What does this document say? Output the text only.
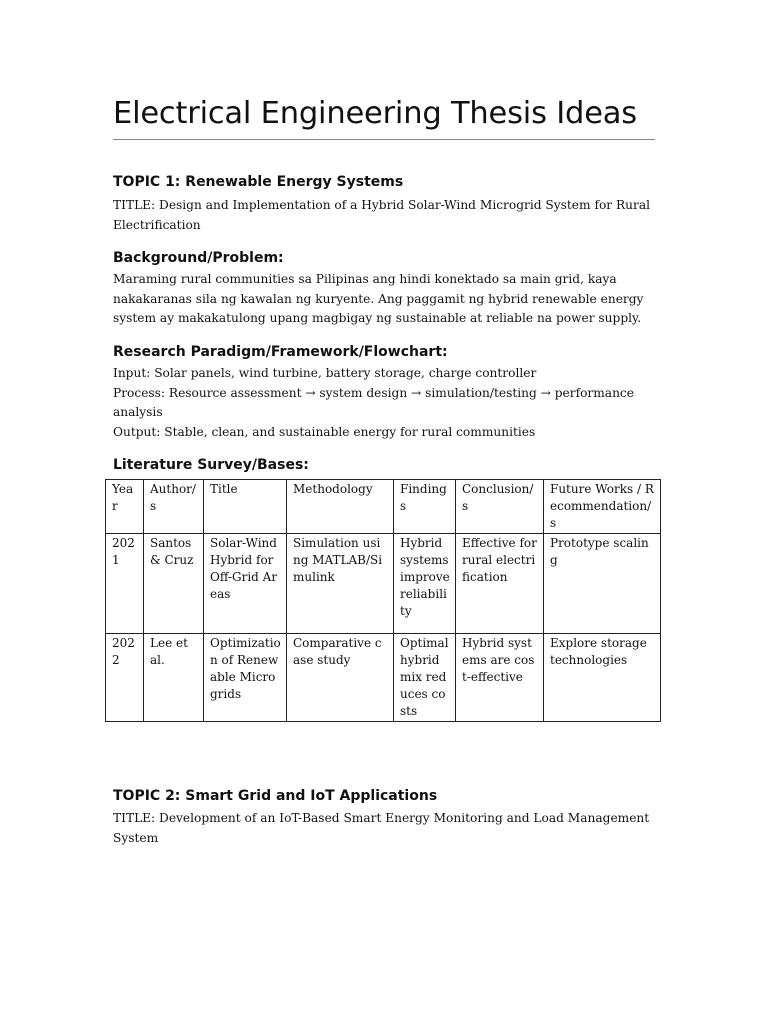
Electrical Engineering Thesis Ideas
TOPIC 1: Renewable Energy Systems
TITLE: Design and Implementation of a Hybrid Solar-Wind Microgrid System for Rural
Electrification
Background/Problem:
Maraming rural communities sa Pilipinas ang hindi konektado sa main grid, kaya
nakakaranas sila ng kawalan ng kuryente. Ang paggamit ng hybrid renewable energy
system ay makakatulong upang magbigay ng sustainable at reliable na power supply.
Research Paradigm/Framework/Flowchart:
Input: Solar panels, wind turbine, battery storage, charge controller
Process: Resource assessment → system design → simulation/testing → performance
analysis
Output: Stable, clean, and sustainable energy for rural communities
Literature Survey/Bases:
Year	Author/s	Title	Methodology	Findings	Conclusion/s	Future Works / Recommendation/s
2021	Santos & Cruz	Solar-Wind Hybrid for Off-Grid Areas	Simulation using MATLAB/Simulink	Hybrid systems improve reliability	Effective for rural electrification	Prototype scaling
2022	Lee et al.	Optimization of Renewable Microgrids	Comparative case study	Optimal hybrid mix reduces costs	Hybrid systems are cost-effective	Explore storage technologies
TOPIC 2: Smart Grid and IoT Applications
TITLE: Development of an IoT-Based Smart Energy Monitoring and Load Management
System
